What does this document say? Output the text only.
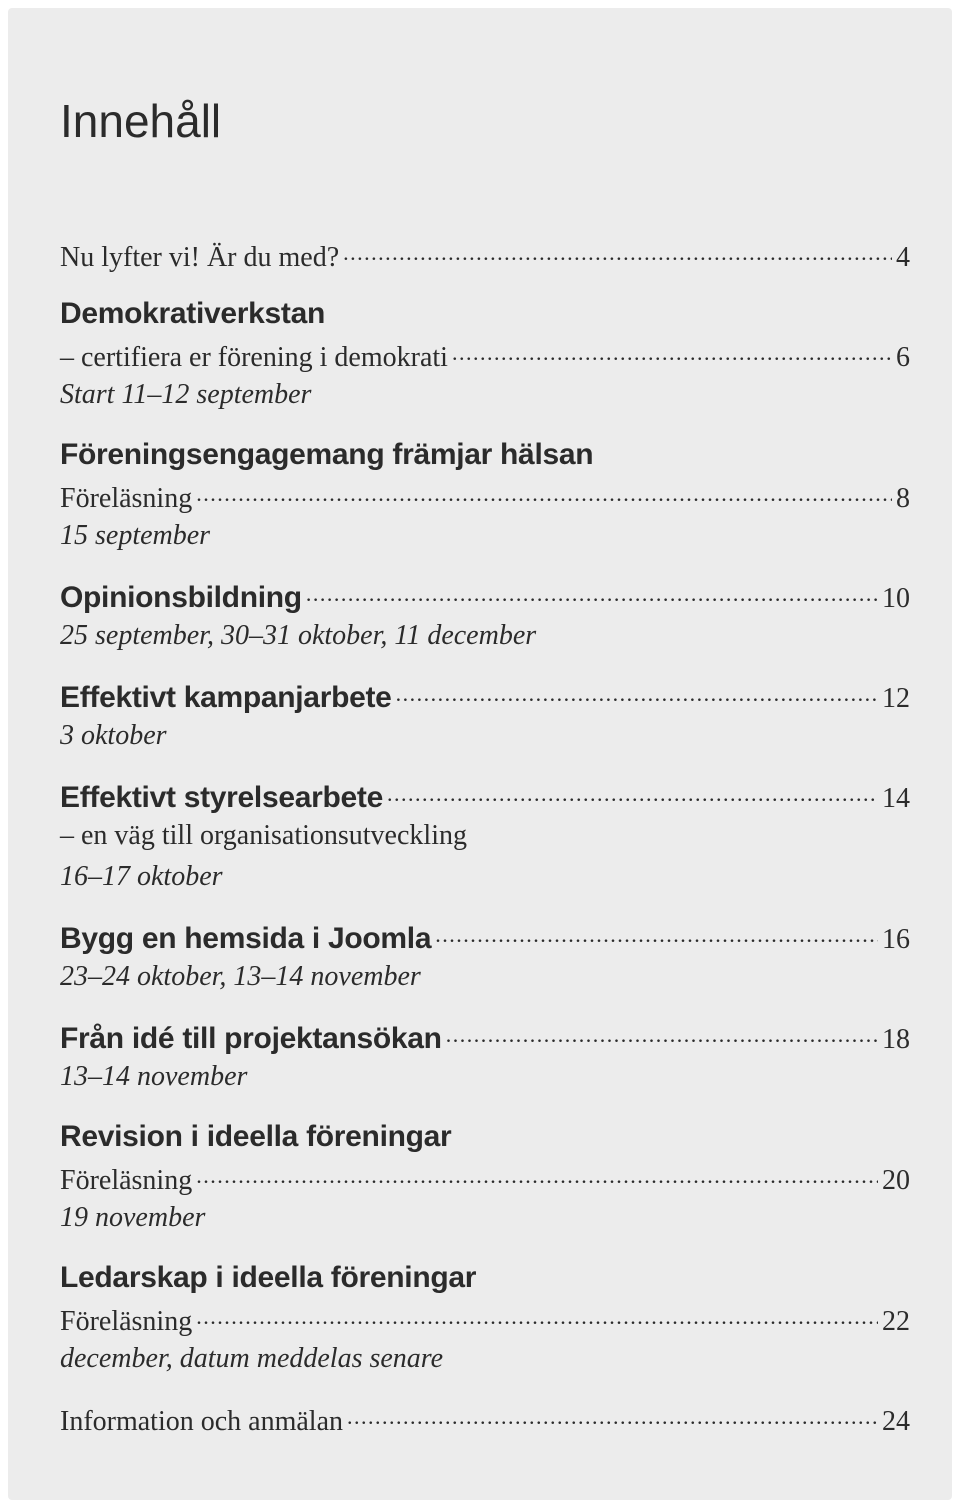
Innehåll
Nu lyfter vi! Är du med? .....	4
Demokrativerkstan
– certifiera er förening i demokrati .....	6
Start 11–12 september
Föreningsengagemang främjar hälsan
Föreläsning .....	8
15 september
Opinionsbildning .....	10
25 september, 30–31 oktober, 11 december
Effektivt kampanjarbete .....	12
3 oktober
Effektivt styrelsearbete .....	14
– en väg till organisationsutveckling
16–17 oktober
Bygg en hemsida i Joomla .....	16
23–24 oktober, 13–14 november
Från idé till projektansökan .....	18
13–14 november
Revision i ideella föreningar
Föreläsning .....	20
19 november
Ledarskap i ideella föreningar
Föreläsning .....	22
december, datum meddelas senare
Information och anmälan .....	24
